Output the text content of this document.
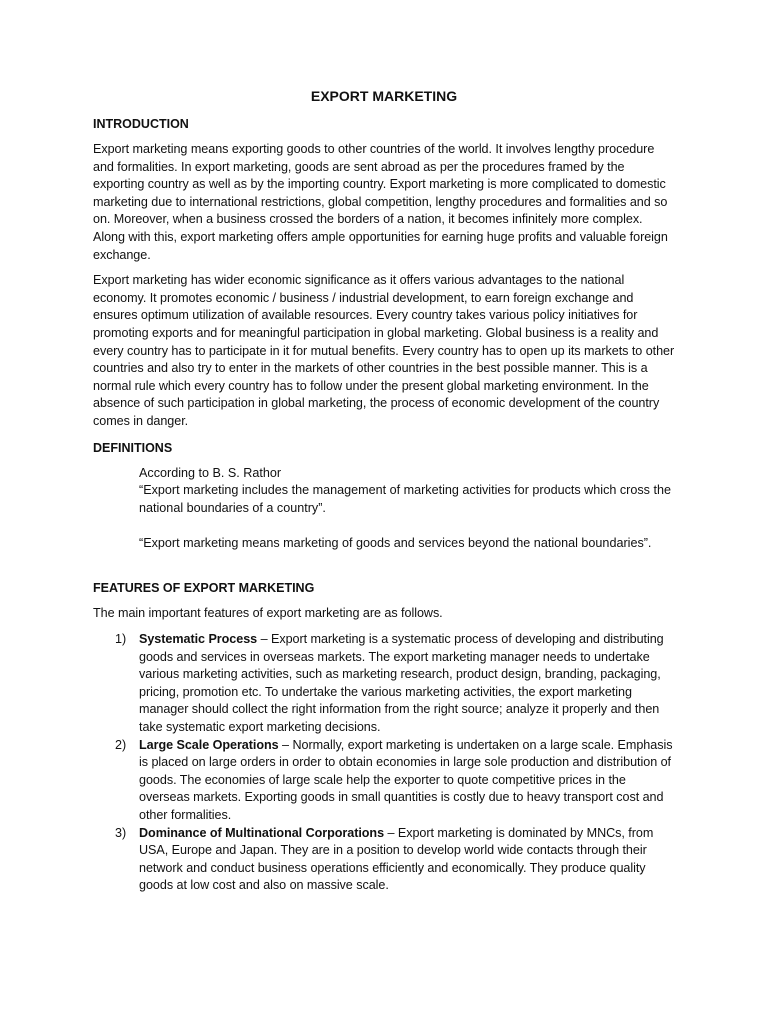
EXPORT MARKETING
INTRODUCTION

Export marketing means exporting goods to other countries of the world. It involves lengthy procedure and formalities. In export marketing, goods are sent abroad as per the procedures framed by the exporting country as well as by the importing country. Export marketing is more complicated to domestic marketing due to international restrictions, global competition, lengthy procedures and formalities and so on. Moreover, when a business crossed the borders of a nation, it becomes infinitely more complex. Along with this, export marketing offers ample opportunities for earning huge profits and valuable foreign exchange.

Export marketing has wider economic significance as it offers various advantages to the national economy. It promotes economic / business / industrial development, to earn foreign exchange and ensures optimum utilization of available resources. Every country takes various policy initiatives for promoting exports and for meaningful participation in global marketing. Global business is a reality and every country has to participate in it for mutual benefits. Every country has to open up its markets to other countries and also try to enter in the markets of other countries in the best possible manner. This is a normal rule which every country has to follow under the present global marketing environment. In the absence of such participation in global marketing, the process of economic development of the country comes in danger.

DEFINITIONS

According to B. S. Rathor

“Export marketing includes the management of marketing activities for products which cross the national boundaries of a country”.

“Export marketing means marketing of goods and services beyond the national boundaries”.

FEATURES OF EXPORT MARKETING

The main important features of export marketing are as follows.

1) Systematic Process – Export marketing is a systematic process of developing and distributing goods and services in overseas markets. The export marketing manager needs to undertake various marketing activities, such as marketing research, product design, branding, packaging, pricing, promotion etc. To undertake the various marketing activities, the export marketing manager should collect the right information from the right source; analyze it properly and then take systematic export marketing decisions.
2) Large Scale Operations – Normally, export marketing is undertaken on a large scale. Emphasis is placed on large orders in order to obtain economies in large sole production and distribution of goods. The economies of large scale help the exporter to quote competitive prices in the overseas markets. Exporting goods in small quantities is costly due to heavy transport cost and other formalities.
3) Dominance of Multinational Corporations – Export marketing is dominated by MNCs, from USA, Europe and Japan. They are in a position to develop world wide contacts through their network and conduct business operations efficiently and economically. They produce quality goods at low cost and also on massive scale.
